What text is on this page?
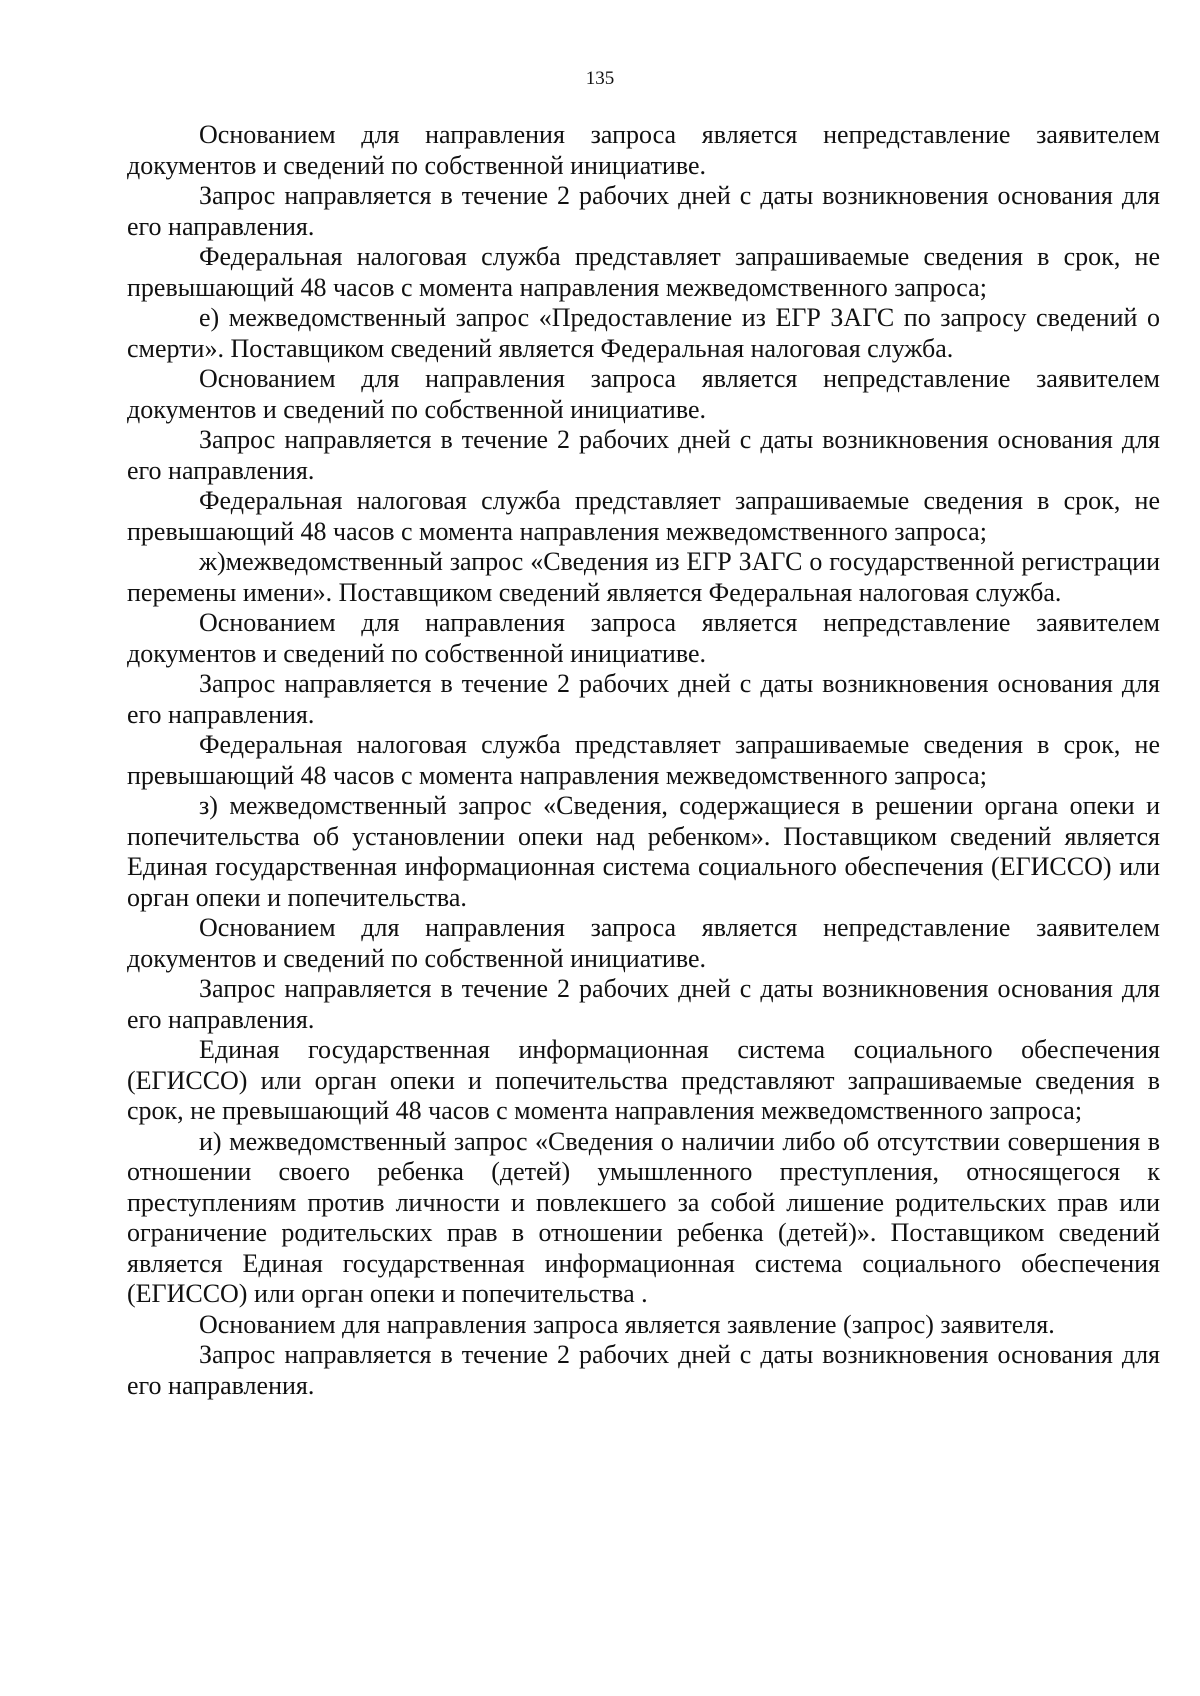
135

Основанием для направления запроса является непредставление заявителем документов и сведений по собственной инициативе.

Запрос направляется в течение 2 рабочих дней с даты возникновения основания для его направления.

Федеральная налоговая служба представляет запрашиваемые сведения в срок, не превышающий 48 часов с момента направления межведомственного запроса;

е) межведомственный запрос «Предоставление из ЕГР ЗАГС по запросу сведений о смерти». Поставщиком сведений является Федеральная налоговая служба.

Основанием для направления запроса является непредставление заявителем документов и сведений по собственной инициативе.

Запрос направляется в течение 2 рабочих дней с даты возникновения основания для его направления.

Федеральная налоговая служба представляет запрашиваемые сведения в срок, не превышающий 48 часов с момента направления межведомственного запроса;

ж)межведомственный запрос «Сведения из ЕГР ЗАГС о государственной регистрации перемены имени». Поставщиком сведений является Федеральная налоговая служба.

Основанием для направления запроса является непредставление заявителем документов и сведений по собственной инициативе.

Запрос направляется в течение 2 рабочих дней с даты возникновения основания для его направления.

Федеральная налоговая служба представляет запрашиваемые сведения в срок, не превышающий 48 часов с момента направления межведомственного запроса;

з) межведомственный запрос «Сведения, содержащиеся в решении органа опеки и попечительства об установлении опеки над ребенком». Поставщиком сведений является Единая государственная информационная система социального обеспечения (ЕГИССО) или орган опеки и попечительства.

Основанием для направления запроса является непредставление заявителем документов и сведений по собственной инициативе.

Запрос направляется в течение 2 рабочих дней с даты возникновения основания для его направления.

Единая государственная информационная система социального обеспечения (ЕГИССО) или орган опеки и попечительства представляют запрашиваемые сведения в срок, не превышающий 48 часов с момента направления межведомственного запроса;

и) межведомственный запрос «Сведения о наличии либо об отсутствии совершения в отношении своего ребенка (детей) умышленного преступления, относящегося к преступлениям против личности и повлекшего за собой лишение родительских прав или ограничение родительских прав в отношении ребенка (детей)». Поставщиком сведений является Единая государственная информационная система социального обеспечения (ЕГИССО) или орган опеки и попечительства .

Основанием для направления запроса является заявление (запрос) заявителя.

Запрос направляется в течение 2 рабочих дней с даты возникновения основания для его направления.
